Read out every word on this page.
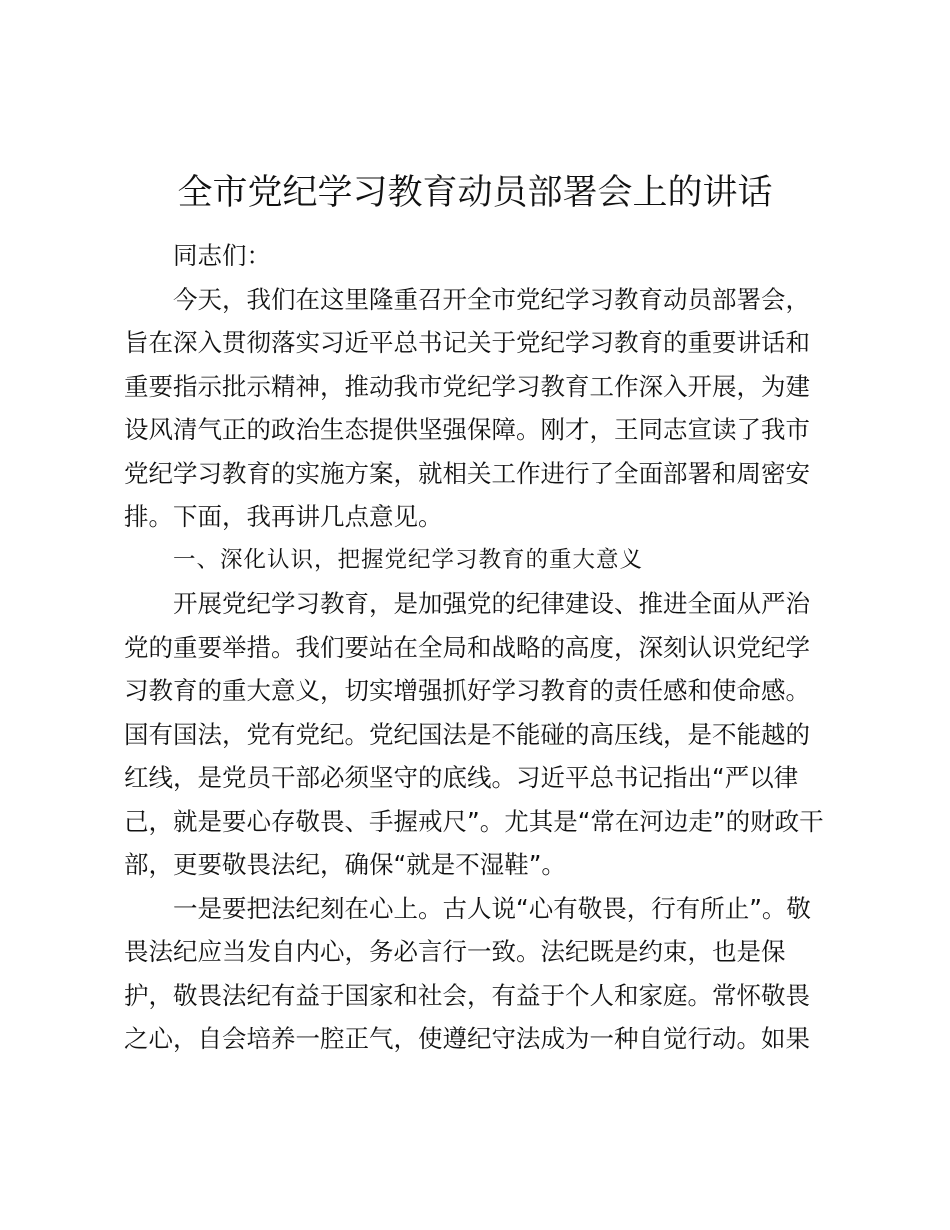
全市党纪学习教育动员部署会上的讲话
同志们：
今天，我们在这里隆重召开全市党纪学习教育动员部署会，
旨在深入贯彻落实习近平总书记关于党纪学习教育的重要讲话和
重要指示批示精神，推动我市党纪学习教育工作深入开展，为建
设风清气正的政治生态提供坚强保障。刚才，王同志宣读了我市
党纪学习教育的实施方案，就相关工作进行了全面部署和周密安
排。下面，我再讲几点意见。
一、深化认识，把握党纪学习教育的重大意义
开展党纪学习教育，是加强党的纪律建设、推进全面从严治
党的重要举措。我们要站在全局和战略的高度，深刻认识党纪学
习教育的重大意义，切实增强抓好学习教育的责任感和使命感。
国有国法，党有党纪。党纪国法是不能碰的高压线，是不能越的
红线，是党员干部必须坚守的底线。习近平总书记指出“严以律
己，就是要心存敬畏、手握戒尺”。尤其是“常在河边走”的财政干
部，更要敬畏法纪，确保“就是不湿鞋”。
一是要把法纪刻在心上。古人说“心有敬畏，行有所止”。敬
畏法纪应当发自内心，务必言行一致。法纪既是约束，也是保
护，敬畏法纪有益于国家和社会，有益于个人和家庭。常怀敬畏
之心，自会培养一腔正气，使遵纪守法成为一种自觉行动。如果
